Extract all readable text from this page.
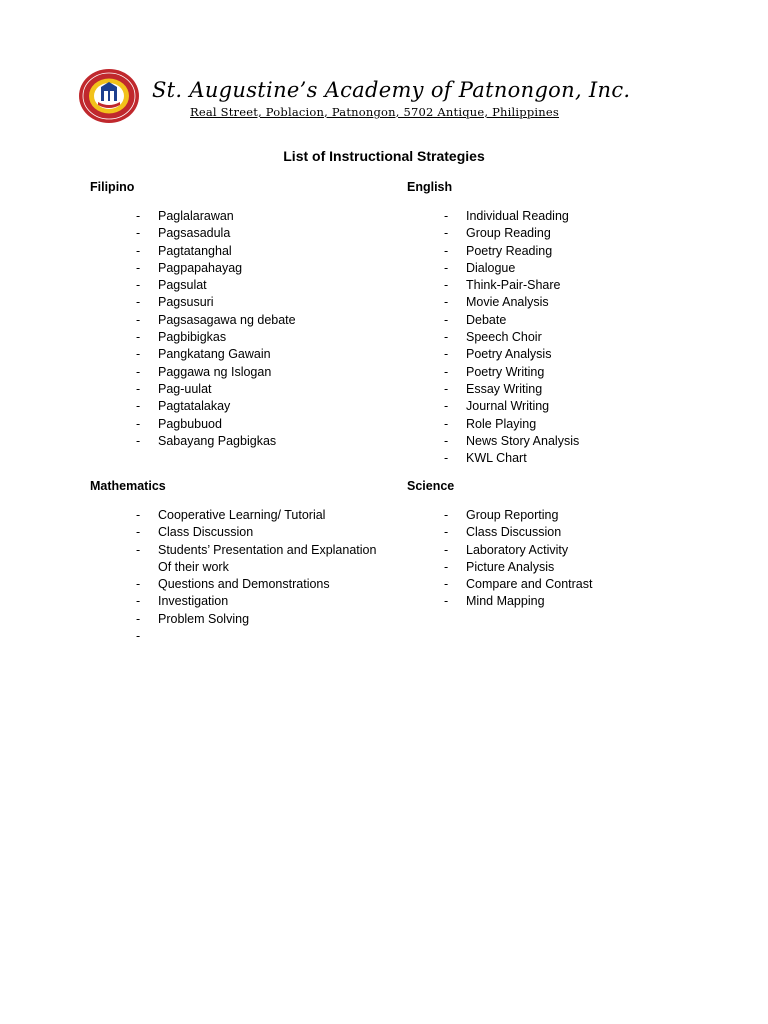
St. Augustine’s Academy of Patnongon, Inc.
Real Street, Poblacion, Patnongon, 5702 Antique, Philippines
List of Instructional Strategies
Filipino
- Paglalarawan
- Pagsasadula
- Pagtatanghal
- Pagpapahayag
- Pagsulat
- Pagsusuri
- Pagsasagawa ng debate
- Pagbibigkas
- Pangkatang Gawain
- Paggawa ng Islogan
- Pag-uulat
- Pagtatalakay
- Pagbubuod
- Sabayang Pagbigkas
English
- Individual Reading
- Group Reading
- Poetry Reading
- Dialogue
- Think-Pair-Share
- Movie Analysis
- Debate
- Speech Choir
- Poetry Analysis
- Poetry Writing
- Essay Writing
- Journal Writing
- Role Playing
- News Story Analysis
- KWL Chart
Mathematics
- Cooperative Learning/ Tutorial
- Class Discussion
- Students’ Presentation and Explanation
Of their work
- Questions and Demonstrations
- Investigation
- Problem Solving
-
Science
- Group Reporting
- Class Discussion
- Laboratory Activity
- Picture Analysis
- Compare and Contrast
- Mind Mapping
